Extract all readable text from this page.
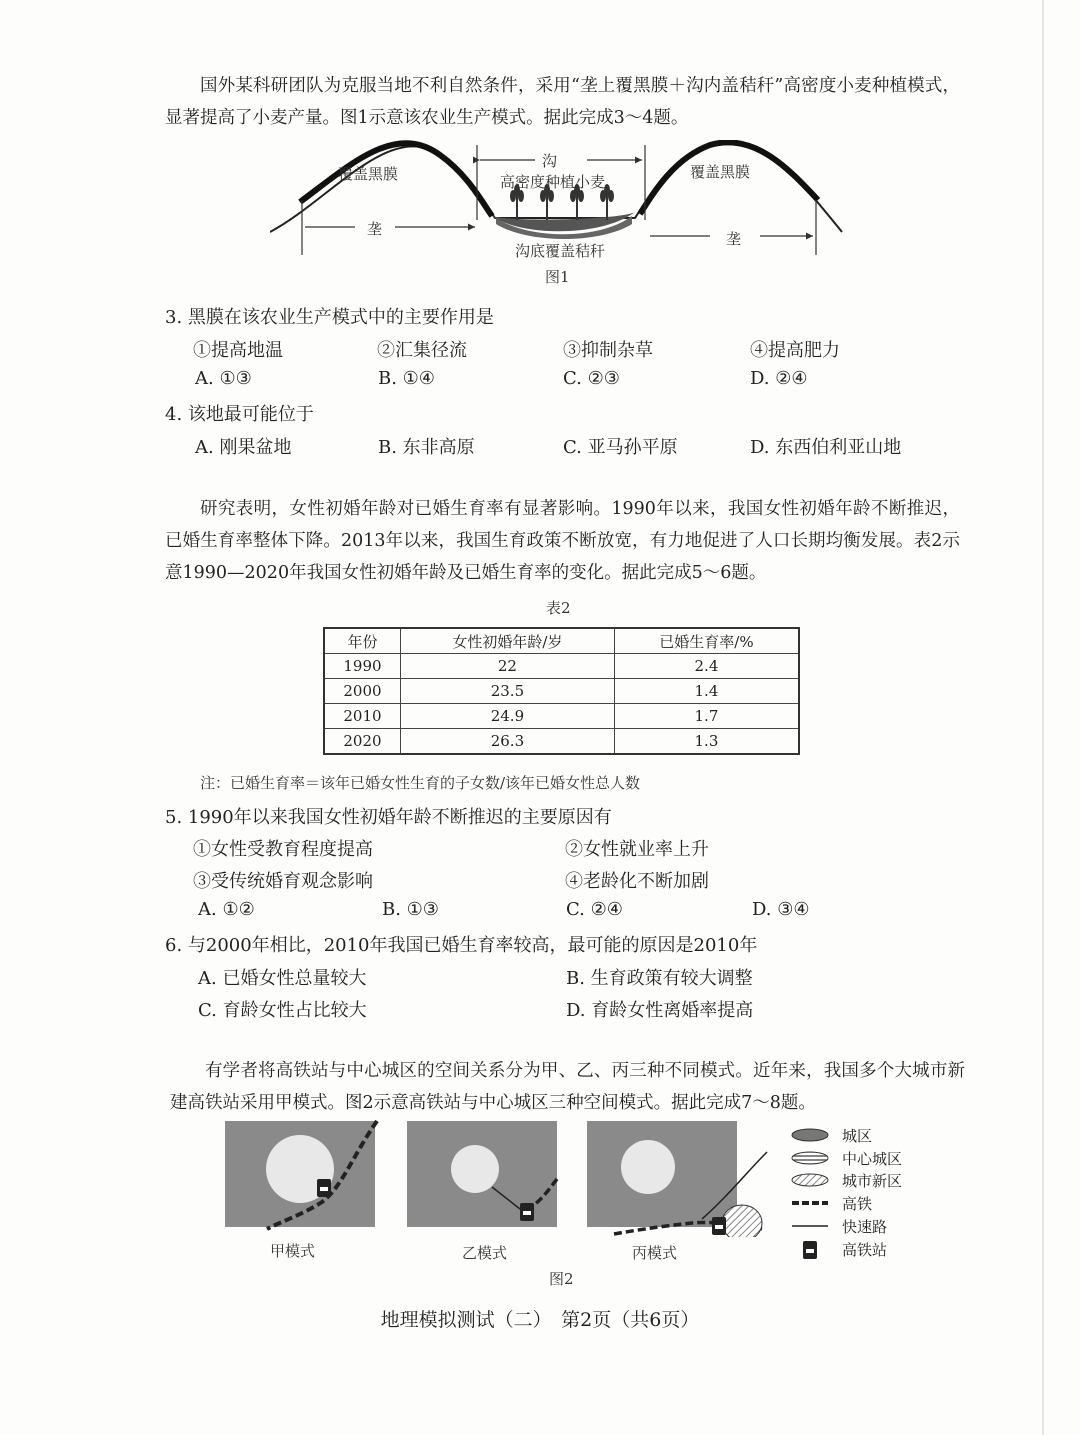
国外某科研团队为克服当地不利自然条件，采用“垄上覆黑膜＋沟内盖秸秆”高密度小麦种植模式，显著提高了小麦产量。图1示意该农业生产模式。据此完成3～4题。

覆盖黑膜	覆盖黑膜
沟
高密度种植小麦
垄
垄
沟底覆盖秸秆
图1
3. 黑膜在该农业生产模式中的主要作用是
①提高地温	②汇集径流	③抑制杂草	④提高肥力
A. ①③	B. ①④	C. ②③	D. ②④
4. 该地最可能位于
A. 刚果盆地	B. 东非高原	C. 亚马孙平原	D. 东西伯利亚山地

研究表明，女性初婚年龄对已婚生育率有显著影响。1990年以来，我国女性初婚年龄不断推迟，已婚生育率整体下降。2013年以来，我国生育政策不断放宽，有力地促进了人口长期均衡发展。表2示意1990—2020年我国女性初婚年龄及已婚生育率的变化。据此完成5～6题。

表2
年份	女性初婚年龄/岁	已婚生育率/%
1990	22	2.4
2000	23.5	1.4
2010	24.9	1.7
2020	26.3	1.3
注：已婚生育率＝该年已婚女性生育的子女数/该年已婚女性总人数
5. 1990年以来我国女性初婚年龄不断推迟的主要原因有
①女性受教育程度提高	②女性就业率上升
③受传统婚育观念影响	④老龄化不断加剧
A. ①②	B. ①③	C. ②④	D. ③④
6. 与2000年相比，2010年我国已婚生育率较高，最可能的原因是2010年
A. 已婚女性总量较大	B. 生育政策有较大调整
C. 育龄女性占比较大	D. 育龄女性离婚率提高

有学者将高铁站与中心城区的空间关系分为甲、乙、丙三种不同模式。近年来，我国多个大城市新建高铁站采用甲模式。图2示意高铁站与中心城区三种空间模式。据此完成7～8题。

甲模式	乙模式	丙模式
城区
中心城区
城市新区
高铁
快速路
高铁站
图2
地理模拟测试（二）　第2页（共6页）
